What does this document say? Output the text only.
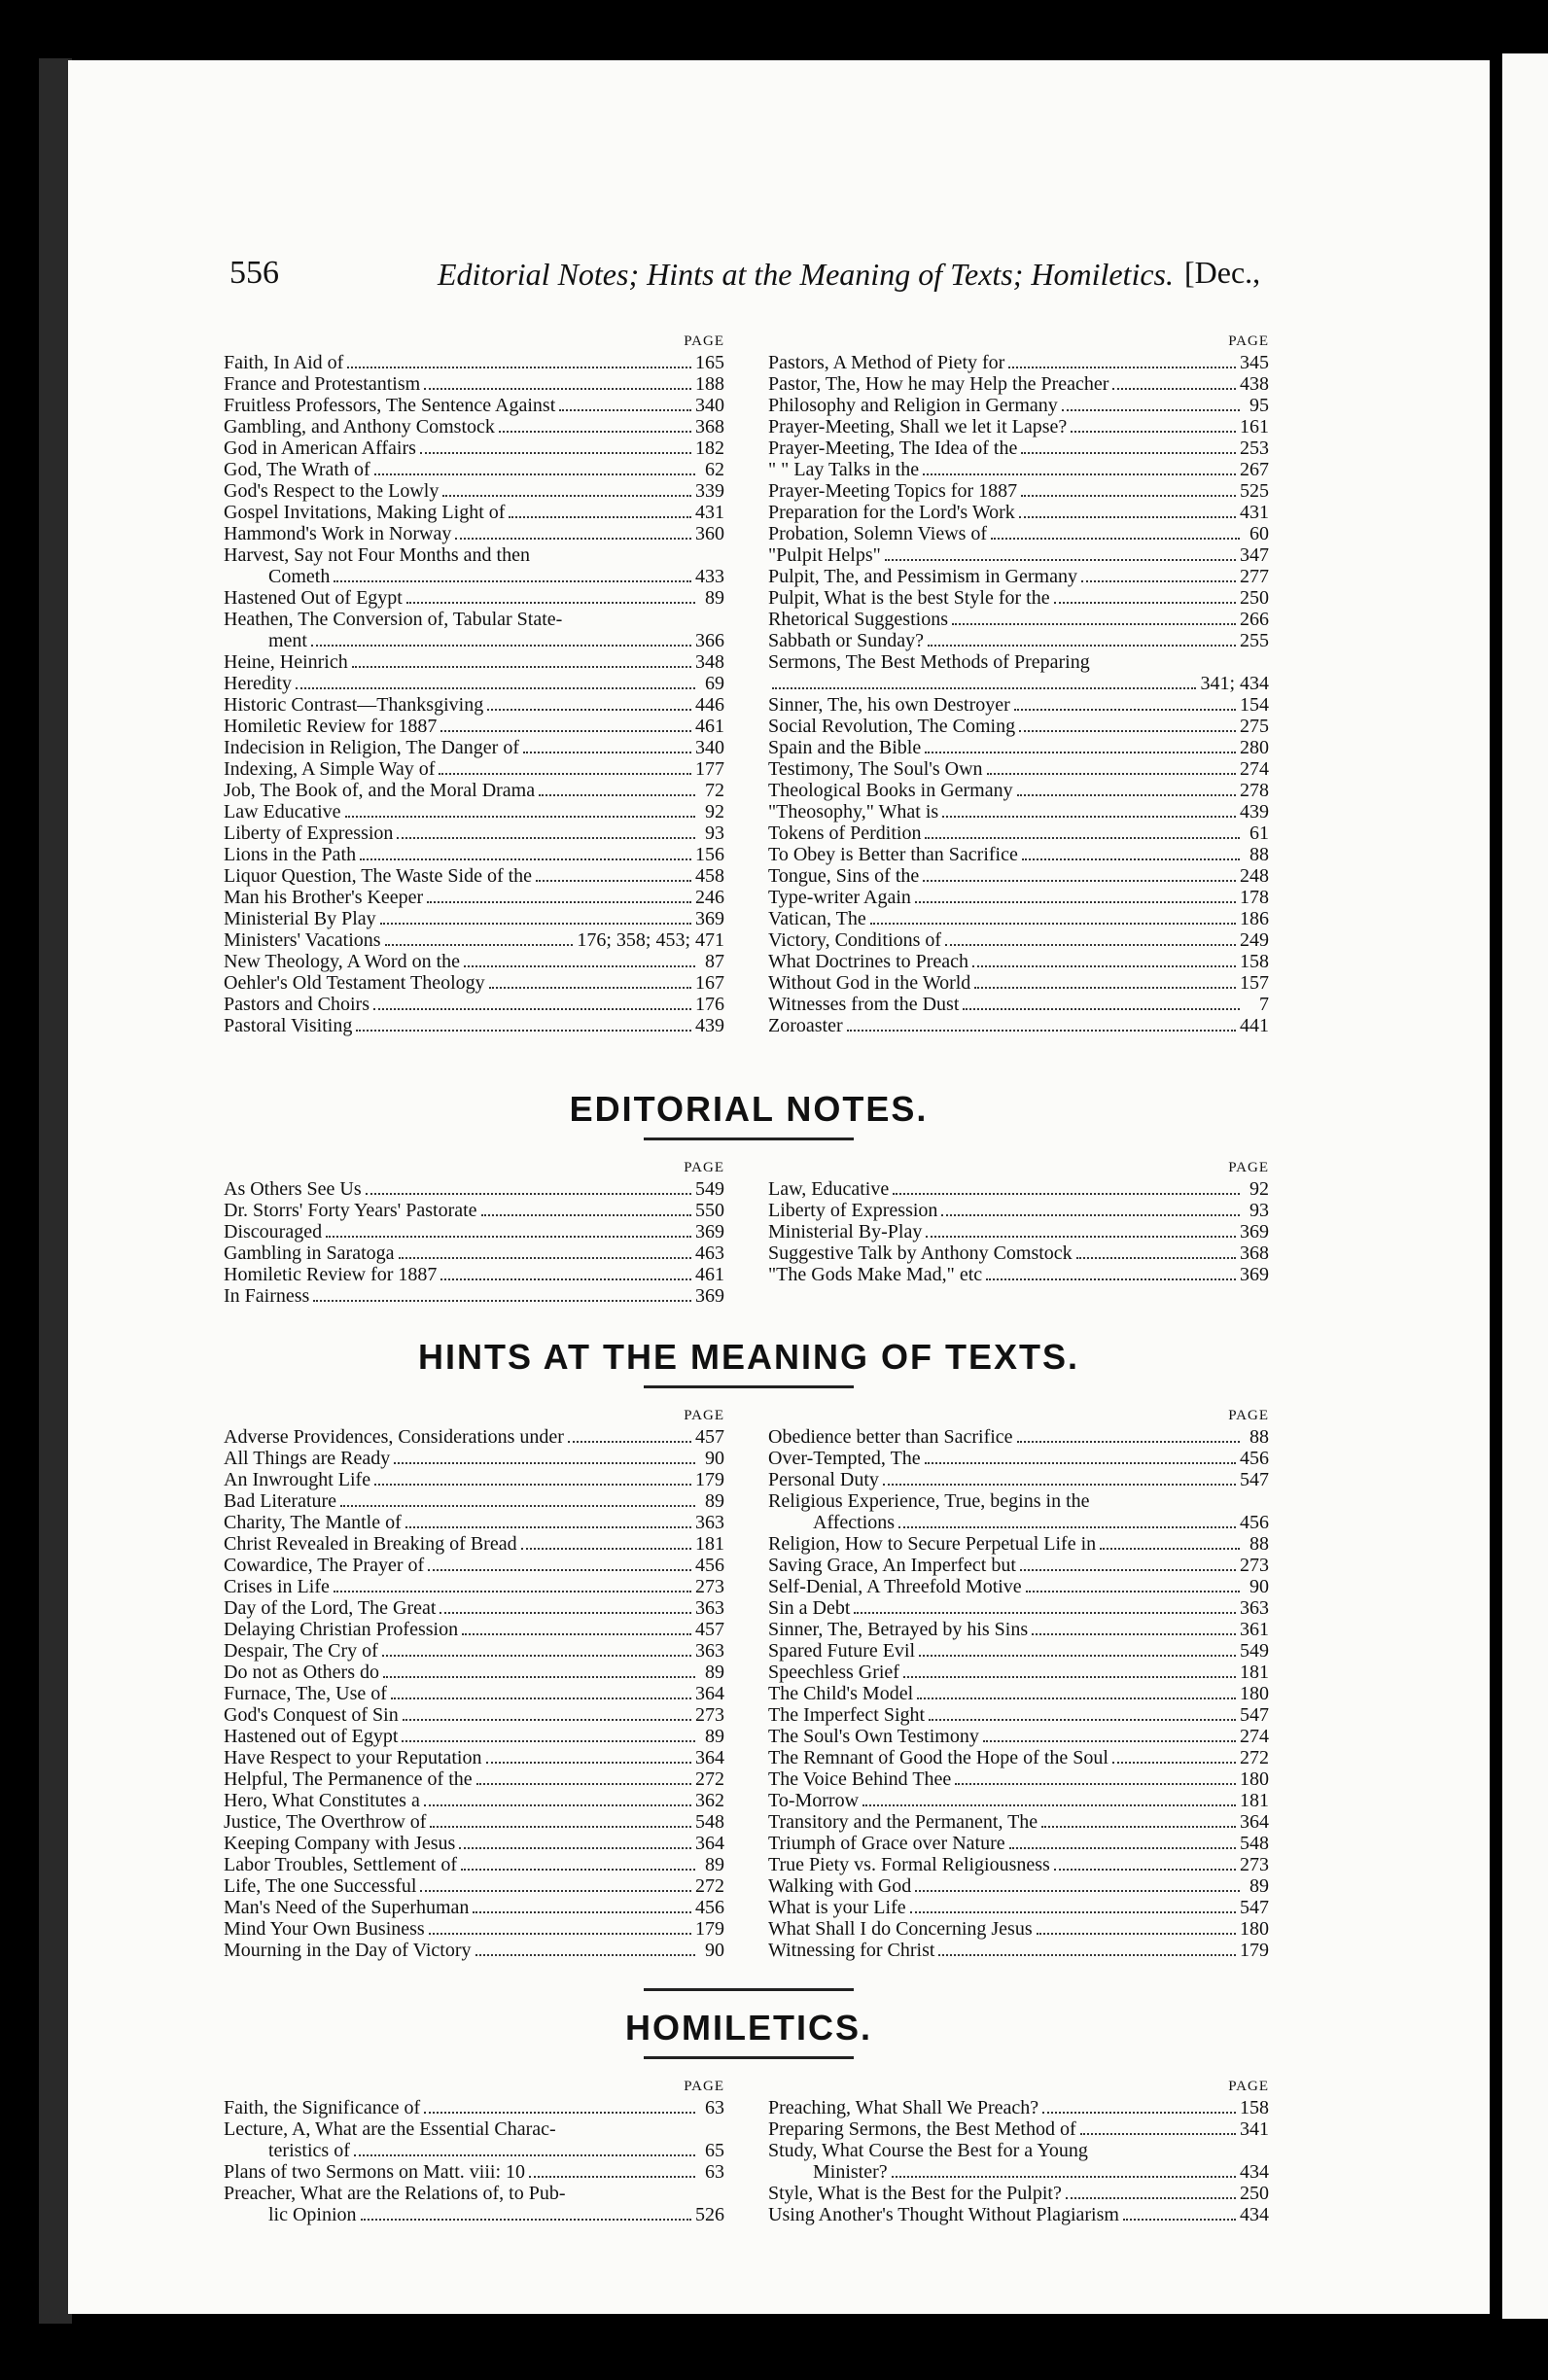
556	Editorial Notes; Hints at the Meaning of Texts; Homiletics. [Dec.,
PAGE
Faith, In Aid of	165
France and Protestantism	188
Fruitless Professors, The Sentence Against	340
Gambling, and Anthony Comstock	368
God in American Affairs	182
God, The Wrath of	62
God's Respect to the Lowly	339
Gospel Invitations, Making Light of	431
Hammond's Work in Norway	360
Harvest, Say not Four Months and then
Cometh	433
Hastened Out of Egypt	89
Heathen, The Conversion of, Tabular State-
ment	366
Heine, Heinrich	348
Heredity	69
Historic Contrast—Thanksgiving	446
Homiletic Review for 1887	461
Indecision in Religion, The Danger of	340
Indexing, A Simple Way of	177
Job, The Book of, and the Moral Drama	72
Law Educative	92
Liberty of Expression	93
Lions in the Path	156
Liquor Question, The Waste Side of the	458
Man his Brother's Keeper	246
Ministerial By Play	369
Ministers' Vacations	176; 358; 453; 471
New Theology, A Word on the	87
Oehler's Old Testament Theology	167
Pastors and Choirs	176
Pastoral Visiting	439
PAGE
Pastors, A Method of Piety for	345
Pastor, The, How he may Help the Preacher	438
Philosophy and Religion in Germany	95
Prayer-Meeting, Shall we let it Lapse?	161
Prayer-Meeting, The Idea of the	253
" " Lay Talks in the	267
Prayer-Meeting Topics for 1887	525
Preparation for the Lord's Work	431
Probation, Solemn Views of	60
"Pulpit Helps"	347
Pulpit, The, and Pessimism in Germany	277
Pulpit, What is the best Style for the	250
Rhetorical Suggestions	266
Sabbath or Sunday?	255
Sermons, The Best Methods of Preparing
341; 434
Sinner, The, his own Destroyer	154
Social Revolution, The Coming	275
Spain and the Bible	280
Testimony, The Soul's Own	274
Theological Books in Germany	278
"Theosophy," What is	439
Tokens of Perdition	61
To Obey is Better than Sacrifice	88
Tongue, Sins of the	248
Type-writer Again	178
Vatican, The	186
Victory, Conditions of	249
What Doctrines to Preach	158
Without God in the World	157
Witnesses from the Dust	7
Zoroaster	441
EDITORIAL NOTES.
PAGE
As Others See Us	549
Dr. Storrs' Forty Years' Pastorate	550
Discouraged	369
Gambling in Saratoga	463
Homiletic Review for 1887	461
In Fairness	369
PAGE
Law, Educative	92
Liberty of Expression	93
Ministerial By-Play	369
Suggestive Talk by Anthony Comstock	368
"The Gods Make Mad," etc	369
HINTS AT THE MEANING OF TEXTS.
PAGE
Adverse Providences, Considerations under	457
All Things are Ready	90
An Inwrought Life	179
Bad Literature	89
Charity, The Mantle of	363
Christ Revealed in Breaking of Bread	181
Cowardice, The Prayer of	456
Crises in Life	273
Day of the Lord, The Great	363
Delaying Christian Profession	457
Despair, The Cry of	363
Do not as Others do	89
Furnace, The, Use of	364
God's Conquest of Sin	273
Hastened out of Egypt	89
Have Respect to your Reputation	364
Helpful, The Permanence of the	272
Hero, What Constitutes a	362
Justice, The Overthrow of	548
Keeping Company with Jesus	364
Labor Troubles, Settlement of	89
Life, The one Successful	272
Man's Need of the Superhuman	456
Mind Your Own Business	179
Mourning in the Day of Victory	90
PAGE
Obedience better than Sacrifice	88
Over-Tempted, The	456
Personal Duty	547
Religious Experience, True, begins in the
Affections	456
Religion, How to Secure Perpetual Life in	88
Saving Grace, An Imperfect but	273
Self-Denial, A Threefold Motive	90
Sin a Debt	363
Sinner, The, Betrayed by his Sins	361
Spared Future Evil	549
Speechless Grief	181
The Child's Model	180
The Imperfect Sight	547
The Soul's Own Testimony	274
The Remnant of Good the Hope of the Soul	272
The Voice Behind Thee	180
To-Morrow	181
Transitory and the Permanent, The	364
Triumph of Grace over Nature	548
True Piety vs. Formal Religiousness	273
Walking with God	89
What is your Life	547
What Shall I do Concerning Jesus	180
Witnessing for Christ	179
HOMILETICS.
PAGE
Faith, the Significance of	63
Lecture, A, What are the Essential Charac-
teristics of	65
Plans of two Sermons on Matt. viii: 10	63
Preacher, What are the Relations of, to Pub-
lic Opinion	526
PAGE
Preaching, What Shall We Preach?	158
Preparing Sermons, the Best Method of	341
Study, What Course the Best for a Young
Minister?	434
Style, What is the Best for the Pulpit?	250
Using Another's Thought Without Plagiarism	434
